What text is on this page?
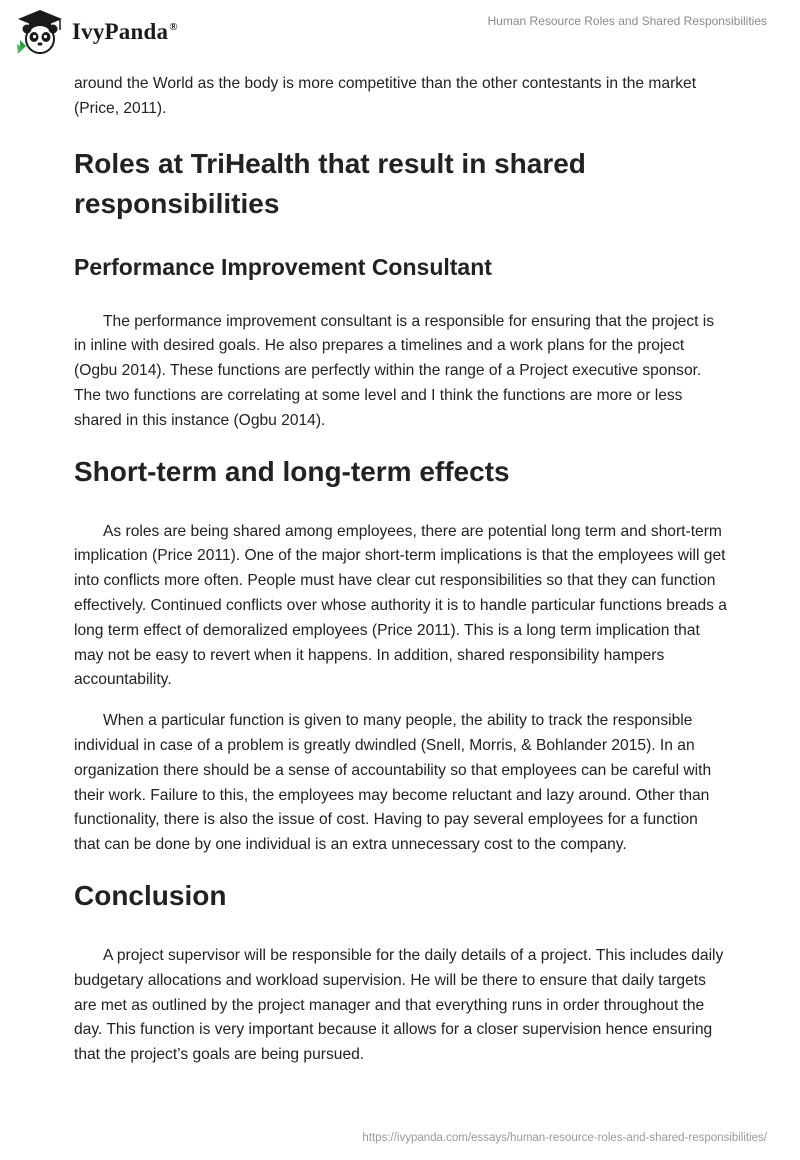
IvyPanda®	Human Resource Roles and Shared Responsibilities

around the World as the body is more competitive than the other contestants in the market (Price, 2011).

Roles at TriHealth that result in shared responsibilities
Performance Improvement Consultant

The performance improvement consultant is a responsible for ensuring that the project is in inline with desired goals. He also prepares a timelines and a work plans for the project (Ogbu 2014). These functions are perfectly within the range of a Project executive sponsor. The two functions are correlating at some level and I think the functions are more or less shared in this instance (Ogbu 2014).

Short-term and long-term effects

As roles are being shared among employees, there are potential long term and short-term implication (Price 2011). One of the major short-term implications is that the employees will get into conflicts more often. People must have clear cut responsibilities so that they can function effectively. Continued conflicts over whose authority it is to handle particular functions breads a long term effect of demoralized employees (Price 2011). This is a long term implication that may not be easy to revert when it happens. In addition, shared responsibility hampers accountability.

When a particular function is given to many people, the ability to track the responsible individual in case of a problem is greatly dwindled (Snell, Morris, & Bohlander 2015). In an organization there should be a sense of accountability so that employees can be careful with their work. Failure to this, the employees may become reluctant and lazy around. Other than functionality, there is also the issue of cost. Having to pay several employees for a function that can be done by one individual is an extra unnecessary cost to the company.

Conclusion

A project supervisor will be responsible for the daily details of a project. This includes daily budgetary allocations and workload supervision. He will be there to ensure that daily targets are met as outlined by the project manager and that everything runs in order throughout the day. This function is very important because it allows for a closer supervision hence ensuring that the project’s goals are being pursued.

https://ivypanda.com/essays/human-resource-roles-and-shared-responsibilities/
